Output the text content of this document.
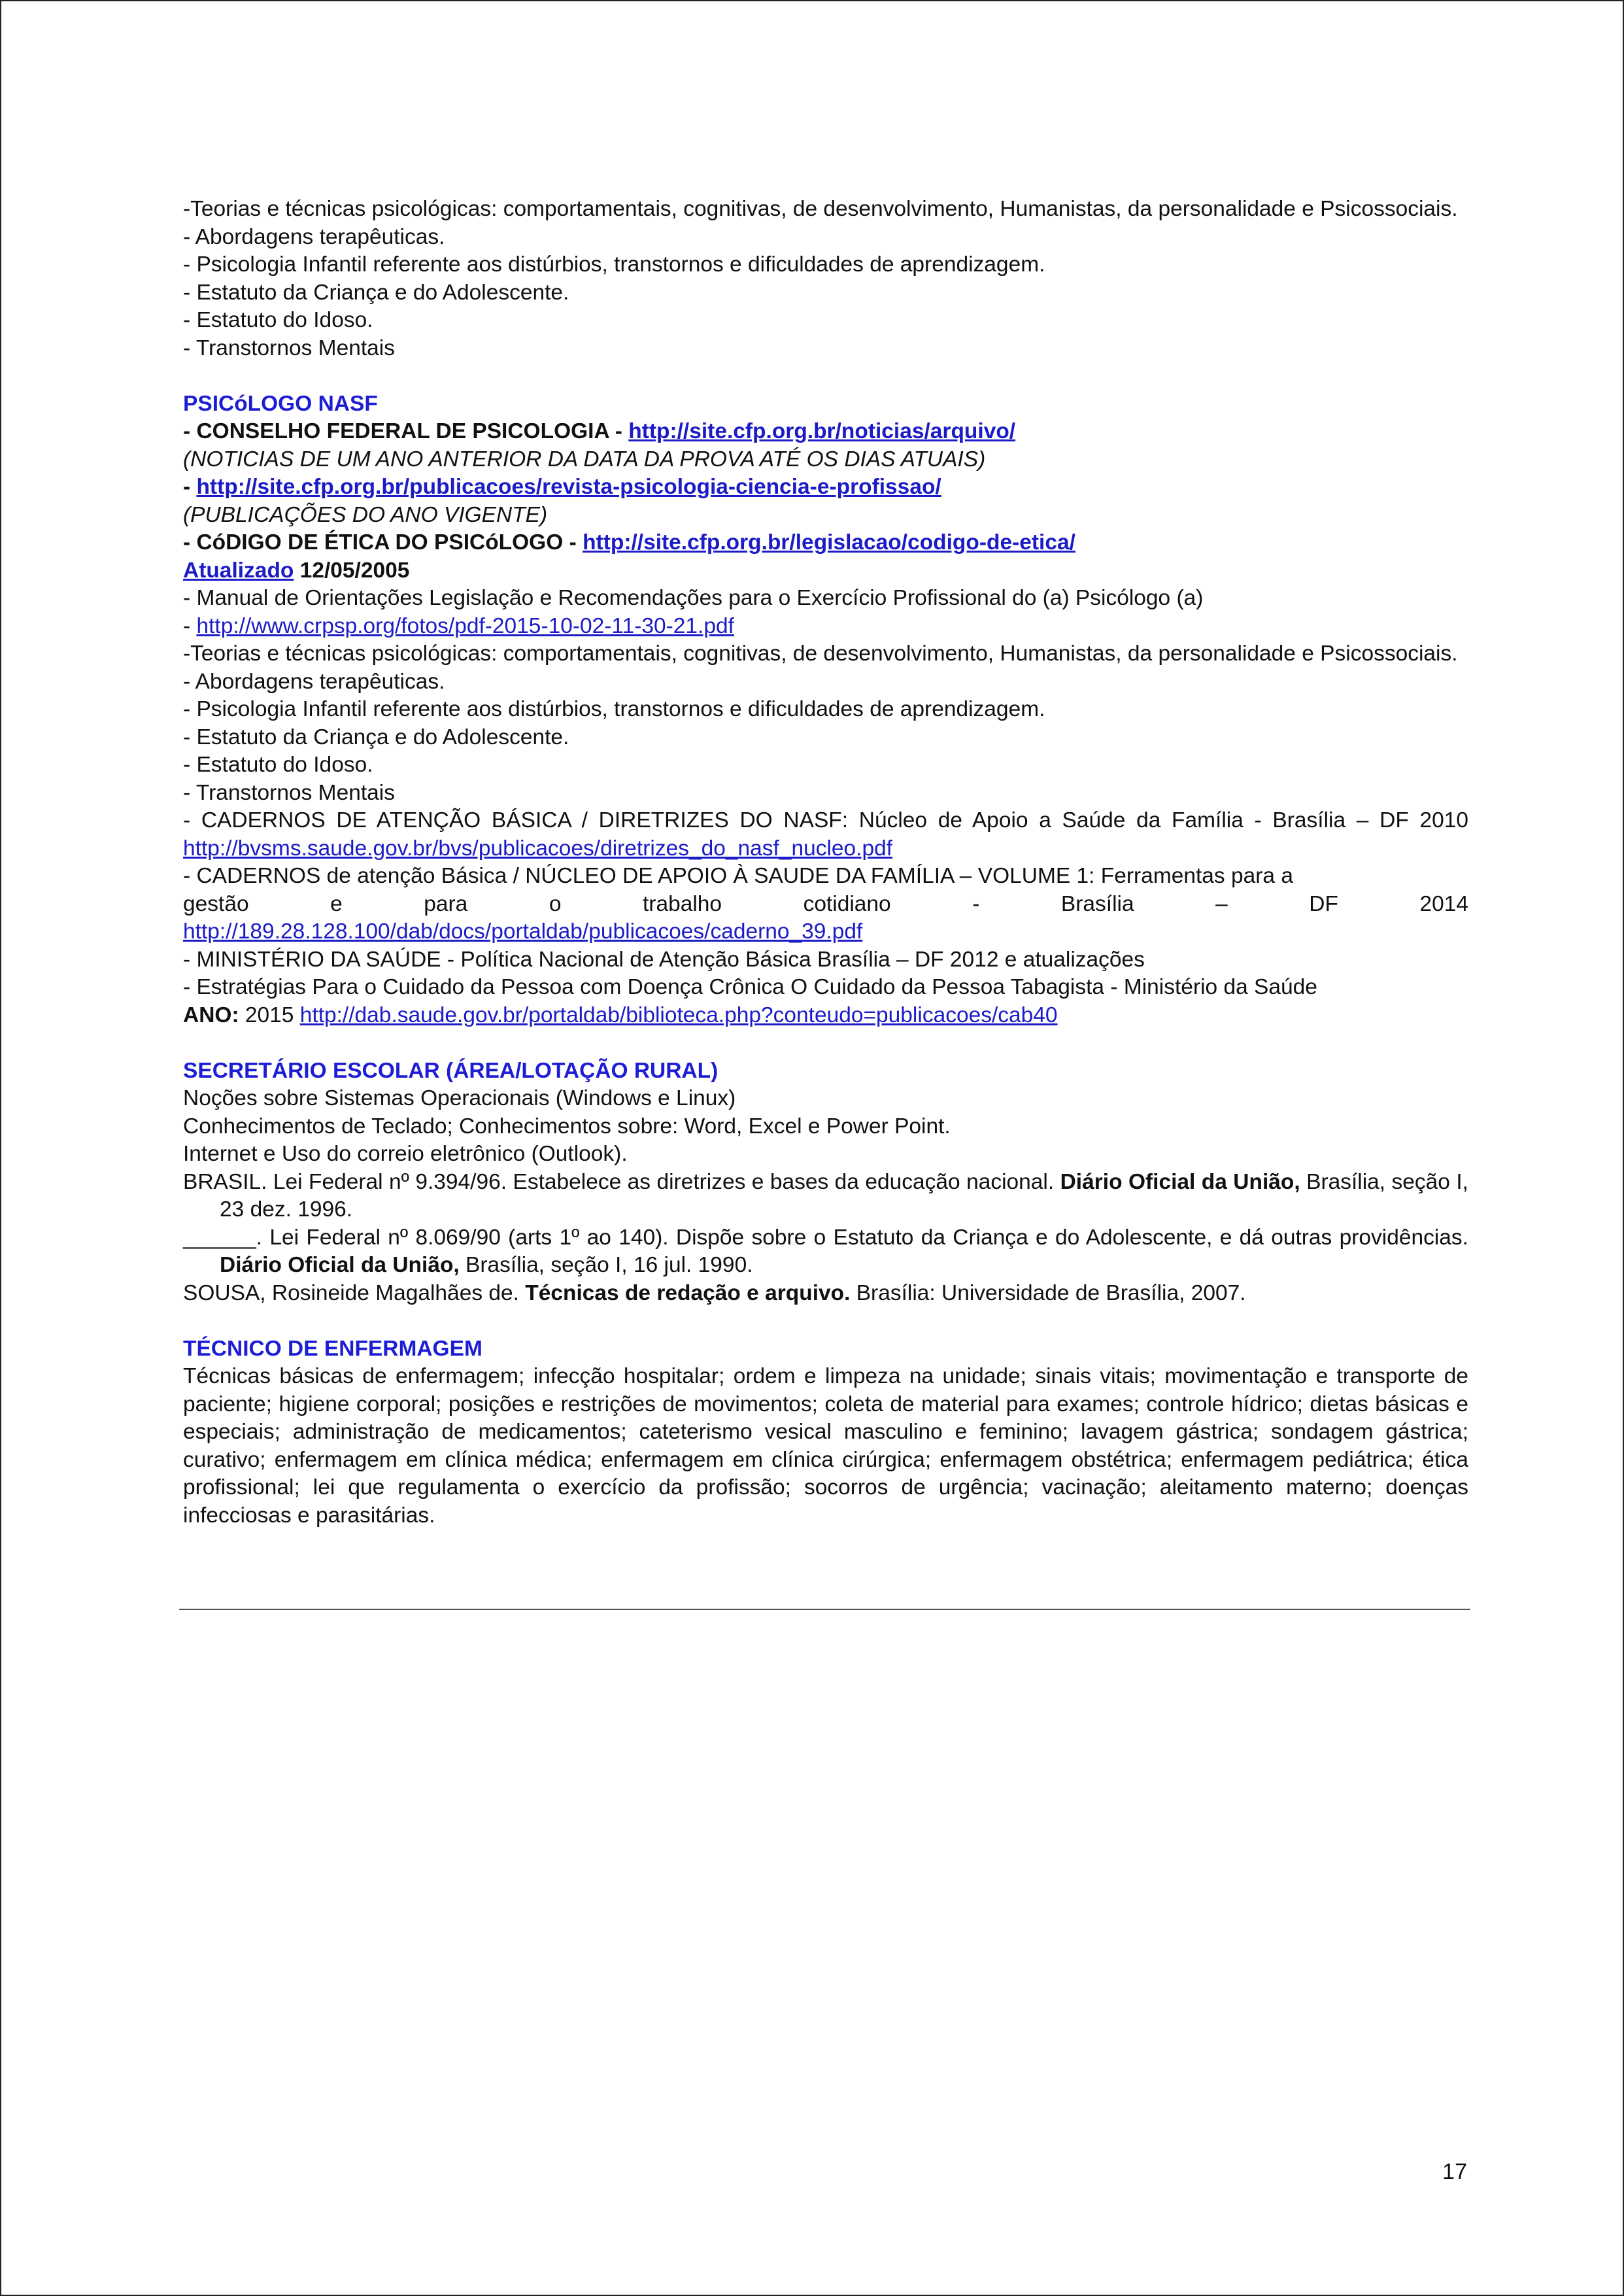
-Teorias e técnicas psicológicas: comportamentais, cognitivas, de desenvolvimento, Humanistas, da personalidade e Psicossociais.

- Abordagens terapêuticas.

- Psicologia Infantil referente aos distúrbios, transtornos e dificuldades de aprendizagem.

- Estatuto da Criança e do Adolescente.

- Estatuto do Idoso.

- Transtornos Mentais

PSICóLOGO NASF

- CONSELHO FEDERAL DE PSICOLOGIA - http://site.cfp.org.br/noticias/arquivo/

(NOTICIAS DE UM ANO ANTERIOR DA DATA DA PROVA ATÉ OS DIAS ATUAIS)

- http://site.cfp.org.br/publicacoes/revista-psicologia-ciencia-e-profissao/

(PUBLICAÇÕES DO ANO VIGENTE)

- CóDIGO DE ÉTICA DO PSICóLOGO - http://site.cfp.org.br/legislacao/codigo-de-etica/

Atualizado 12/05/2005

- Manual de Orientações Legislação e Recomendações para o Exercício Profissional do (a) Psicólogo (a)

- http://www.crpsp.org/fotos/pdf-2015-10-02-11-30-21.pdf

-Teorias e técnicas psicológicas: comportamentais, cognitivas, de desenvolvimento, Humanistas, da personalidade e Psicossociais.

- Abordagens terapêuticas.

- Psicologia Infantil referente aos distúrbios, transtornos e dificuldades de aprendizagem.

- Estatuto da Criança e do Adolescente.

- Estatuto do Idoso.

- Transtornos Mentais

- CADERNOS DE ATENÇÃO BÁSICA / DIRETRIZES DO NASF: Núcleo de Apoio a Saúde da Família - Brasília – DF 2010 http://bvsms.saude.gov.br/bvs/publicacoes/diretrizes_do_nasf_nucleo.pdf

- CADERNOS de atenção Básica / NÚCLEO DE APOIO À SAUDE DA FAMÍLIA – VOLUME 1: Ferramentas para a

gestão e para o trabalho cotidiano - Brasília – DF 2014

http://189.28.128.100/dab/docs/portaldab/publicacoes/caderno_39.pdf

- MINISTÉRIO DA SAÚDE - Política Nacional de Atenção Básica Brasília – DF 2012 e atualizações

- Estratégias Para o Cuidado da Pessoa com Doença Crônica O Cuidado da Pessoa Tabagista - Ministério da Saúde

ANO: 2015 http://dab.saude.gov.br/portaldab/biblioteca.php?conteudo=publicacoes/cab40

SECRETÁRIO ESCOLAR (ÁREA/LOTAÇÃO RURAL)

Noções sobre Sistemas Operacionais (Windows e Linux)

Conhecimentos de Teclado; Conhecimentos sobre: Word, Excel e Power Point.

Internet e Uso do correio eletrônico (Outlook).

BRASIL. Lei Federal nº 9.394/96. Estabelece as diretrizes e bases da educação nacional. Diário Oficial da União, Brasília, seção I, 23 dez. 1996.

______. Lei Federal nº 8.069/90 (arts 1º ao 140). Dispõe sobre o Estatuto da Criança e do Adolescente, e dá outras providências. Diário Oficial da União, Brasília, seção I, 16 jul. 1990.

SOUSA, Rosineide Magalhães de. Técnicas de redação e arquivo. Brasília: Universidade de Brasília, 2007.

TÉCNICO DE ENFERMAGEM

Técnicas básicas de enfermagem; infecção hospitalar; ordem e limpeza na unidade; sinais vitais; movimentação e transporte de paciente; higiene corporal; posições e restrições de movimentos; coleta de material para exames; controle hídrico; dietas básicas e especiais; administração de medicamentos; cateterismo vesical masculino e feminino; lavagem gástrica; sondagem gástrica; curativo; enfermagem em clínica médica; enfermagem em clínica cirúrgica; enfermagem obstétrica; enfermagem pediátrica; ética profissional; lei que regulamenta o exercício da profissão; socorros de urgência; vacinação; aleitamento materno; doenças infecciosas e parasitárias.

17
